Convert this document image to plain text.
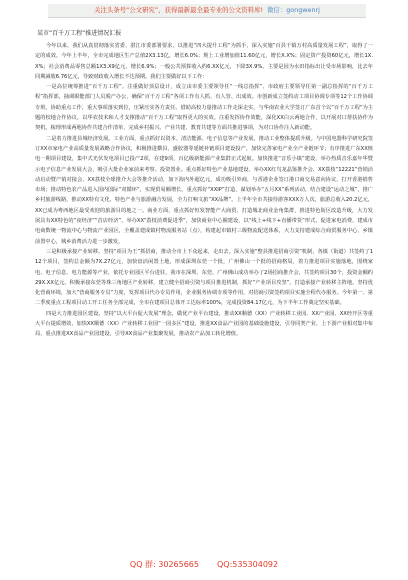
关注头条号“公文研究”，获得最新最全最专业的公文资料库! 微信：gongwenrj
某市“百千万工程”推进情况汇报

今年以来，我们从真贯彻落实省委、湛江市委部署要求，以推进“四大提升工程”为抓手，深入实施“百县千镇万村高质量发展工程”，取得了一定的成效。今年上半年，全市完成地区生产总值2X3.13亿，增长6.0%；规上工业增加值11.60亿元，增长X.X%；固定资产投资60亿元，增长1X.X%；社会消费品零售总额1X3.X9亿元，增长6.9%；一般公共预算收入约6.XX亿元，下降3X.9%。主要是因为水田指标出让受市场影响，比去年同期减收6.76亿元，导致财政收入增长不达预期。我们主要做好以下工作：

一是高位统筹推进“百千万工程”。注重做好顶层设计，成立由市委主要领导任“一线总指挥”、市政府主要领导任第一副总指挥的“百千万工程”指挥部，抽调职能部门人员脱产办公，确保“百千万工程”各项工作有人抓、有人管、出成效。市创新成立签约动工项目协调专项等12个工作协调专班，协助重点工作，重大事项落实到位，压紧压实各方责任。借助高校力量推动工作走深走实，与华南农业大学签订广东首个以“百千万工程”为主题的校地合作协议，以华农技术和人才支撑推动“百千万工程”取得更大的实效。注重发挥协作效能，深化XX白云两地合作，以开展对口帮扶协作为契机，梳理形成两地协作共建合作清单，完成乡村振兴、产业共建、教育共建等方面共推进事项，为对口协作注入新动能。

二是着力推进县城经济发展。工业方面，重点抓好以资本、清洁能源、电子信息等产业发展，推动工业整体提质升级。与中国电器科学研究院签订XX市家电产业高质量发展战略合作协议，积极推进横县、盛胶器等延链补链项目建设投产，加快完善家电产业全产业链环节；有序推进广东XX核电一期项目建设，集中式光伏发电项目已投产2项，在建9项，百亿级新能源产业集群正式起航。加快推进“音乐小镇”建设，举办热质音乐嘉年华暨示电子信息产业发展大会，吸引大批企业家前来考察、投资置业。重点抓好特色产业基地建设，举办XX红鸟龙晶鉴推介会、XX荔枝“12221”营销活动启动暨产销对接会、XX荔枝全球推介大会等推介活动，加下海内外超亿元，成功吸引外商，与香港企业签订港口商交易意向协议，打开香港销售市场；推动特色农产品进入国内国际“双循环”，实现贸易额增长。重点抓好“XXIP”打造，谋划举办“五月XX”系列活动，结合建设“运动之城”，推广乡村旅游线路，推动XX特有文化、特色产业与旅游融合发展，全力打响文旅“XX品牌”。上半年全市共接待游客XXX万人次，旅游总收入20.2亿元，XX已成为粤西地区最受欢迎的旅游目的地之一。商业方面，重点抓好恒发智能产大商贸、打造城北商业金角集群，推进特色街区改造升级，大力发展具有XX特色的“夜经济”“首店经济”，举办XX“荔枝消费促进季”，加快商业中心圈建设，以“线上+线下+直播带货”形式，促进家电消费，建成市电商数统一物流中心与物流产业园区，全覆盖建成镇村物流服务站（点），构建起市镇村三级物流配送体系，大力支持建成综合商贸服务中心、乡镇前置中心，城乡消费活力进一步激发。

三是积极承接产业转移。坚持“项目为王”抓招商，推动全市上下众起来，走出去。深入实施“整县推进招商引资”机制，各镇（街道）共签约了112个项目，签约总金额为7X.27亿元，加快盘活闲置土地，形成深圳东莞一个批，广州佛山一个批的招商格局，着力推进项目实施落地，围绕家电、电子信息、电力能源等产业，依托专业园区平台进驻，我市在深圳、东莞、广州佛山成功举办了2场招商推介会，共签约项目30个，投资金额约29X.XX亿元。积极承接东莞等珠三角地区产业转移，建立健全招商引资与项目推进机制，抓好“产业项目攻坚”，打造承接产业转移主阵地。坚持优化营商环境，加大“营商服务专员”力度，发挥项目代办专员作用，企业服务协调专项等作用，对招商引资签约项目实施全程代办服务。今年第一、第二季度重点工程项目动工开工任务全部完成，全市在建项目总体开工达标率100%，完成投资84.17亿元，为下半年工作奠定坚实基础。

四是大力推进园区建设。坚持“以大平台促大发展”理念，做优产业平台建设，推动XX顺德（XX）产业转移工业园、XX产业园、XX经开区等重大平台提质增效，加快XX顺德（XX）产业转移工业园“一园多区”建设，推进XX食品产业园的基础设施建设，引导同类产业、上下游产业相对集中布局，重点推进XX食品产业园建设，引导XX食品产业集聚发展，推动农产品加工转化增值。

QQ 群: 30265665 QQ:535304092
